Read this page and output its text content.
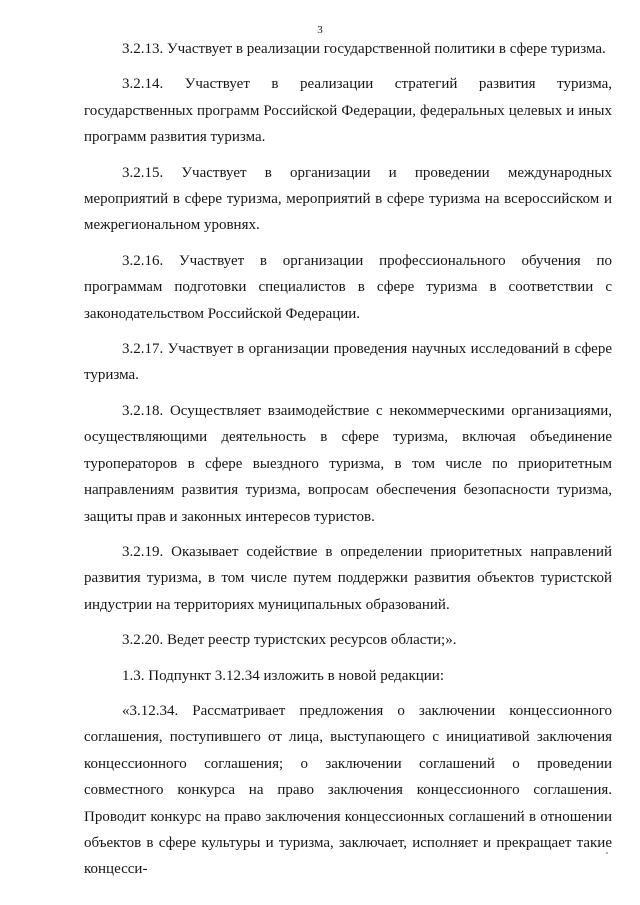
3

3.2.13. Участвует в реализации государственной политики в сфере туризма.

3.2.14. Участвует в реализации стратегий развития туризма, государственных программ Российской Федерации, федеральных целевых и иных программ развития туризма.

3.2.15. Участвует в организации и проведении международных мероприятий в сфере туризма, мероприятий в сфере туризма на всероссийском и межрегиональном уровнях.

3.2.16. Участвует в организации профессионального обучения по программам подготовки специалистов в сфере туризма в соответствии с законодательством Российской Федерации.

3.2.17. Участвует в организации проведения научных исследований в сфере туризма.

3.2.18. Осуществляет взаимодействие с некоммерческими организациями, осуществляющими деятельность в сфере туризма, включая объединение туроператоров в сфере выездного туризма, в том числе по приоритетным направлениям развития туризма, вопросам обеспечения безопасности туризма, защиты прав и законных интересов туристов.

3.2.19. Оказывает содействие в определении приоритетных направлений развития туризма, в том числе путем поддержки развития объектов туристской индустрии на территориях муниципальных образований.

3.2.20. Ведет реестр туристских ресурсов области;».

1.3. Подпункт 3.12.34 изложить в новой редакции:

«3.12.34. Рассматривает предложения о заключении концессионного соглашения, поступившего от лица, выступающего с инициативой заключения концессионного соглашения; о заключении соглашений о проведении совместного конкурса на право заключения концессионного соглашения. Проводит конкурс на право заключения концессионных соглашений в отношении объектов в сфере культуры и туризма, заключает, исполняет и прекращает такие концесси-
